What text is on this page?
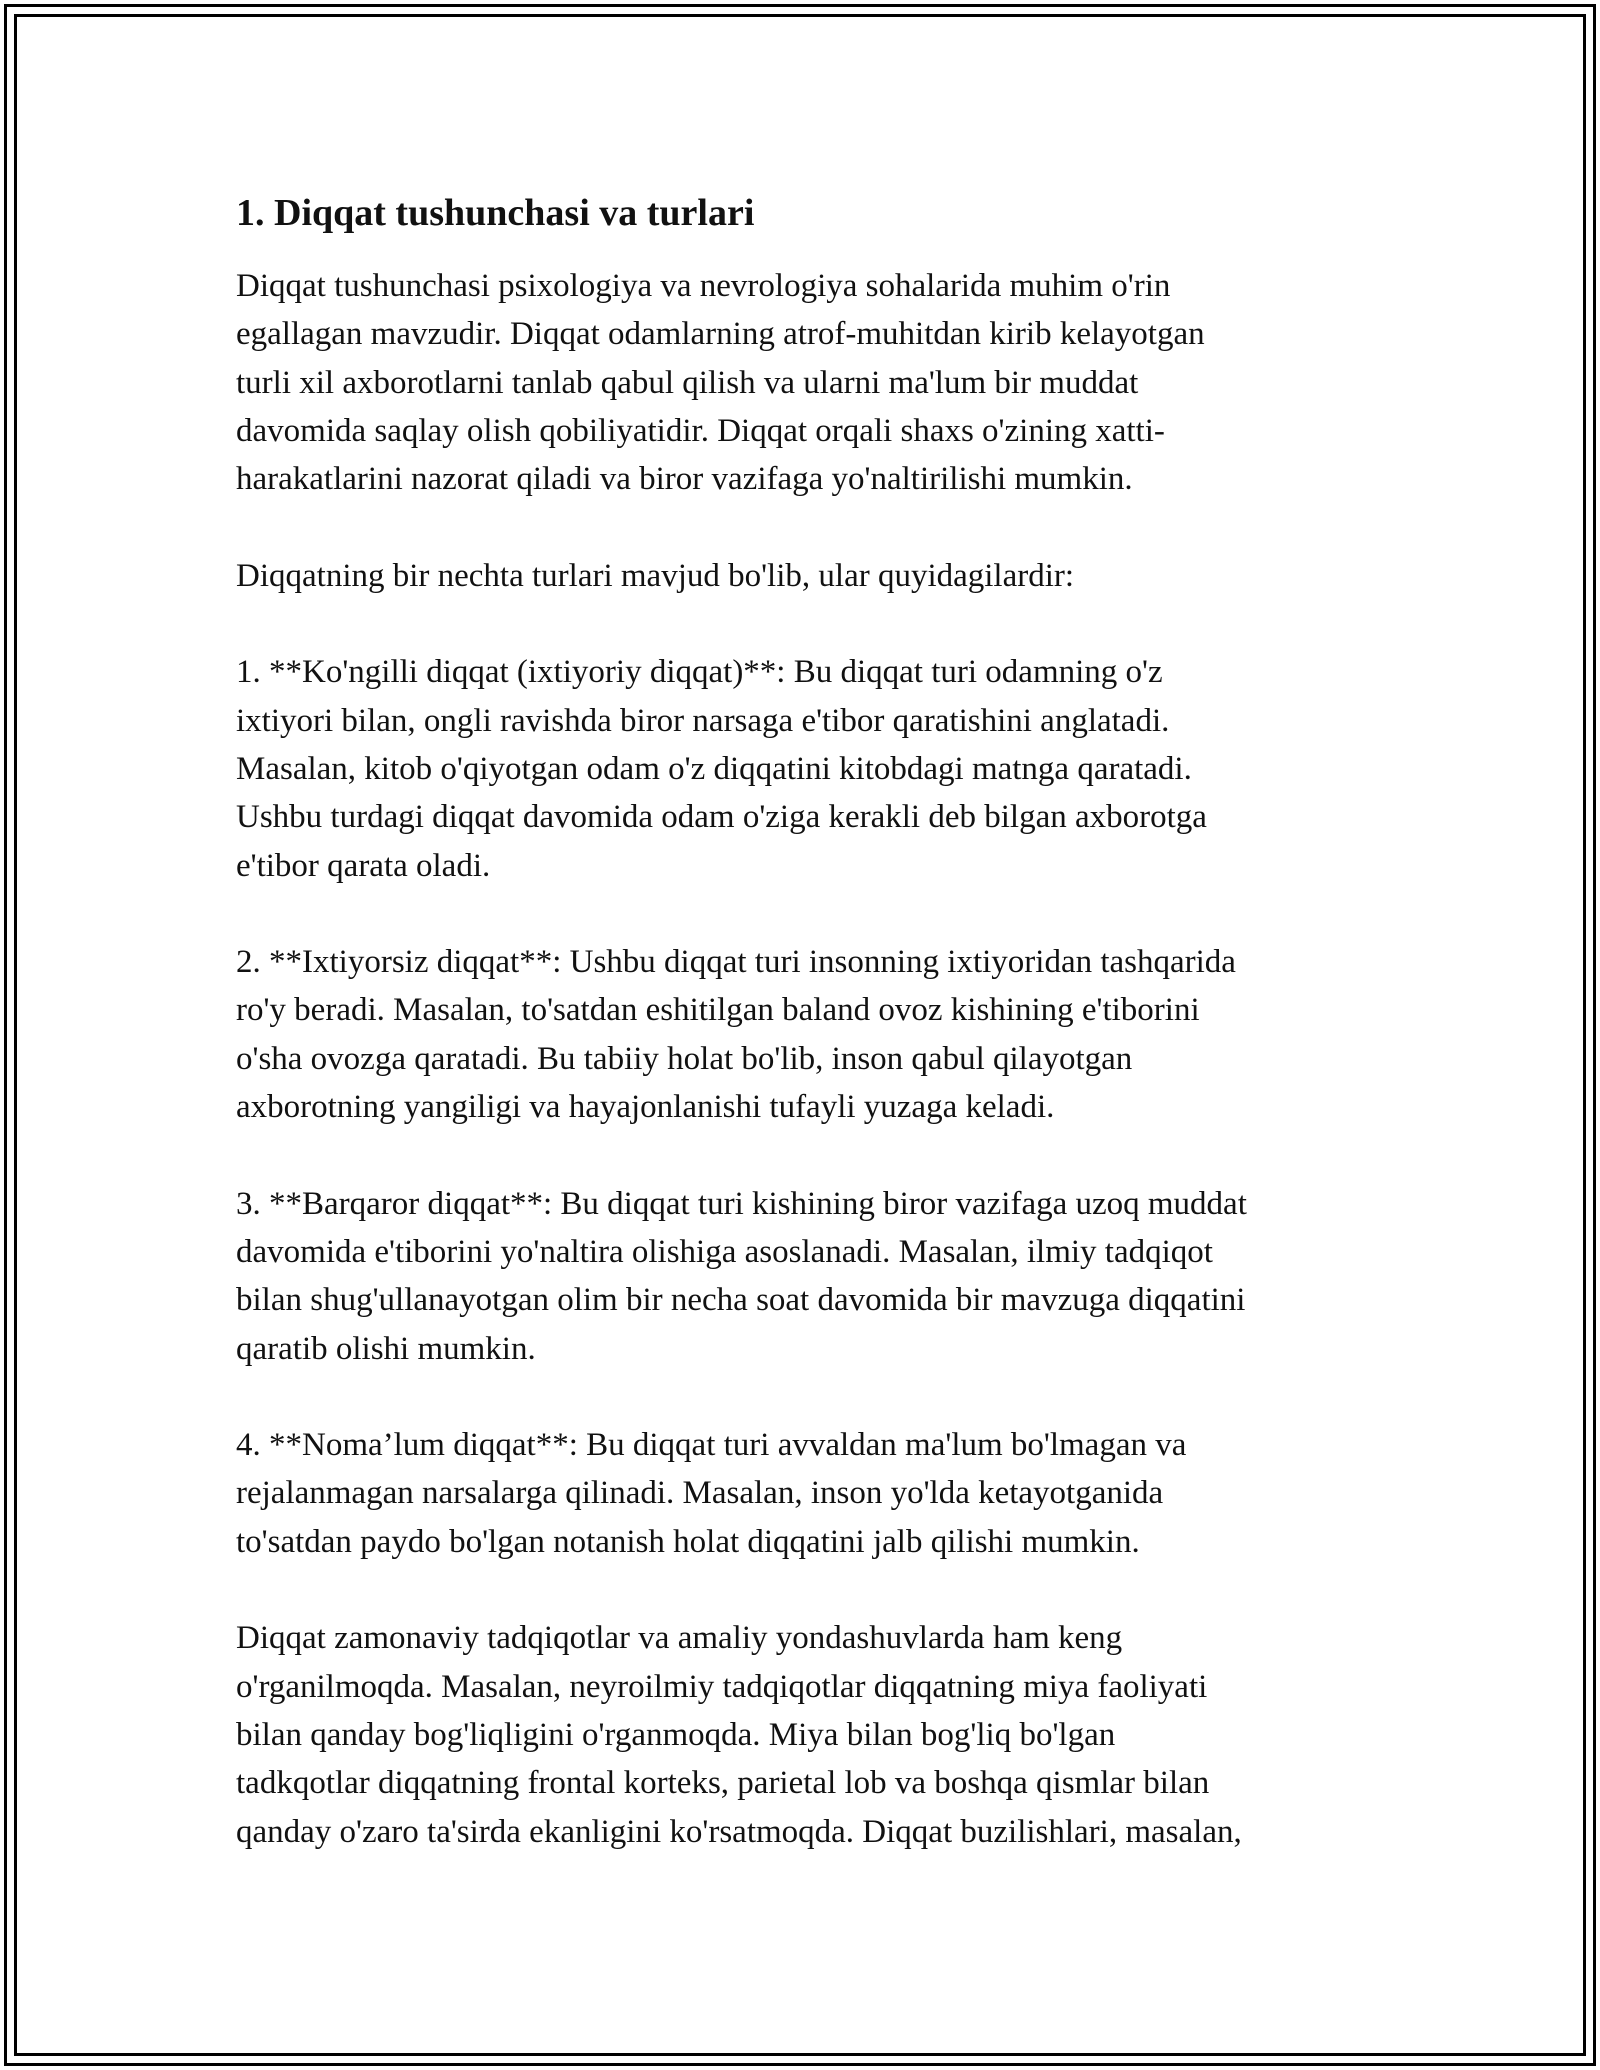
1. Diqqat tushunchasi va turlari

Diqqat tushunchasi psixologiya va nevrologiya sohalarida muhim o'rin
egallagan mavzudir. Diqqat odamlarning atrof-muhitdan kirib kelayotgan
turli xil axborotlarni tanlab qabul qilish va ularni ma'lum bir muddat
davomida saqlay olish qobiliyatidir. Diqqat orqali shaxs o'zining xatti-
harakatlarini nazorat qiladi va biror vazifaga yo'naltirilishi mumkin.

Diqqatning bir nechta turlari mavjud bo'lib, ular quyidagilardir:

1. **Ko'ngilli diqqat (ixtiyoriy diqqat)**: Bu diqqat turi odamning o'z
ixtiyori bilan, ongli ravishda biror narsaga e'tibor qaratishini anglatadi.
Masalan, kitob o'qiyotgan odam o'z diqqatini kitobdagi matnga qaratadi.
Ushbu turdagi diqqat davomida odam o'ziga kerakli deb bilgan axborotga
e'tibor qarata oladi.

2. **Ixtiyorsiz diqqat**: Ushbu diqqat turi insonning ixtiyoridan tashqarida
ro'y beradi. Masalan, to'satdan eshitilgan baland ovoz kishining e'tiborini
o'sha ovozga qaratadi. Bu tabiiy holat bo'lib, inson qabul qilayotgan
axborotning yangiligi va hayajonlanishi tufayli yuzaga keladi.

3. **Barqaror diqqat**: Bu diqqat turi kishining biror vazifaga uzoq muddat
davomida e'tiborini yo'naltira olishiga asoslanadi. Masalan, ilmiy tadqiqot
bilan shug'ullanayotgan olim bir necha soat davomida bir mavzuga diqqatini
qaratib olishi mumkin.

4. **Noma’lum diqqat**: Bu diqqat turi avvaldan ma'lum bo'lmagan va
rejalanmagan narsalarga qilinadi. Masalan, inson yo'lda ketayotganida
to'satdan paydo bo'lgan notanish holat diqqatini jalb qilishi mumkin.

Diqqat zamonaviy tadqiqotlar va amaliy yondashuvlarda ham keng
o'rganilmoqda. Masalan, neyroilmiy tadqiqotlar diqqatning miya faoliyati
bilan qanday bog'liqligini o'rganmoqda. Miya bilan bog'liq bo'lgan
tadkqotlar diqqatning frontal korteks, parietal lob va boshqa qismlar bilan
qanday o'zaro ta'sirda ekanligini ko'rsatmoqda. Diqqat buzilishlari, masalan,
